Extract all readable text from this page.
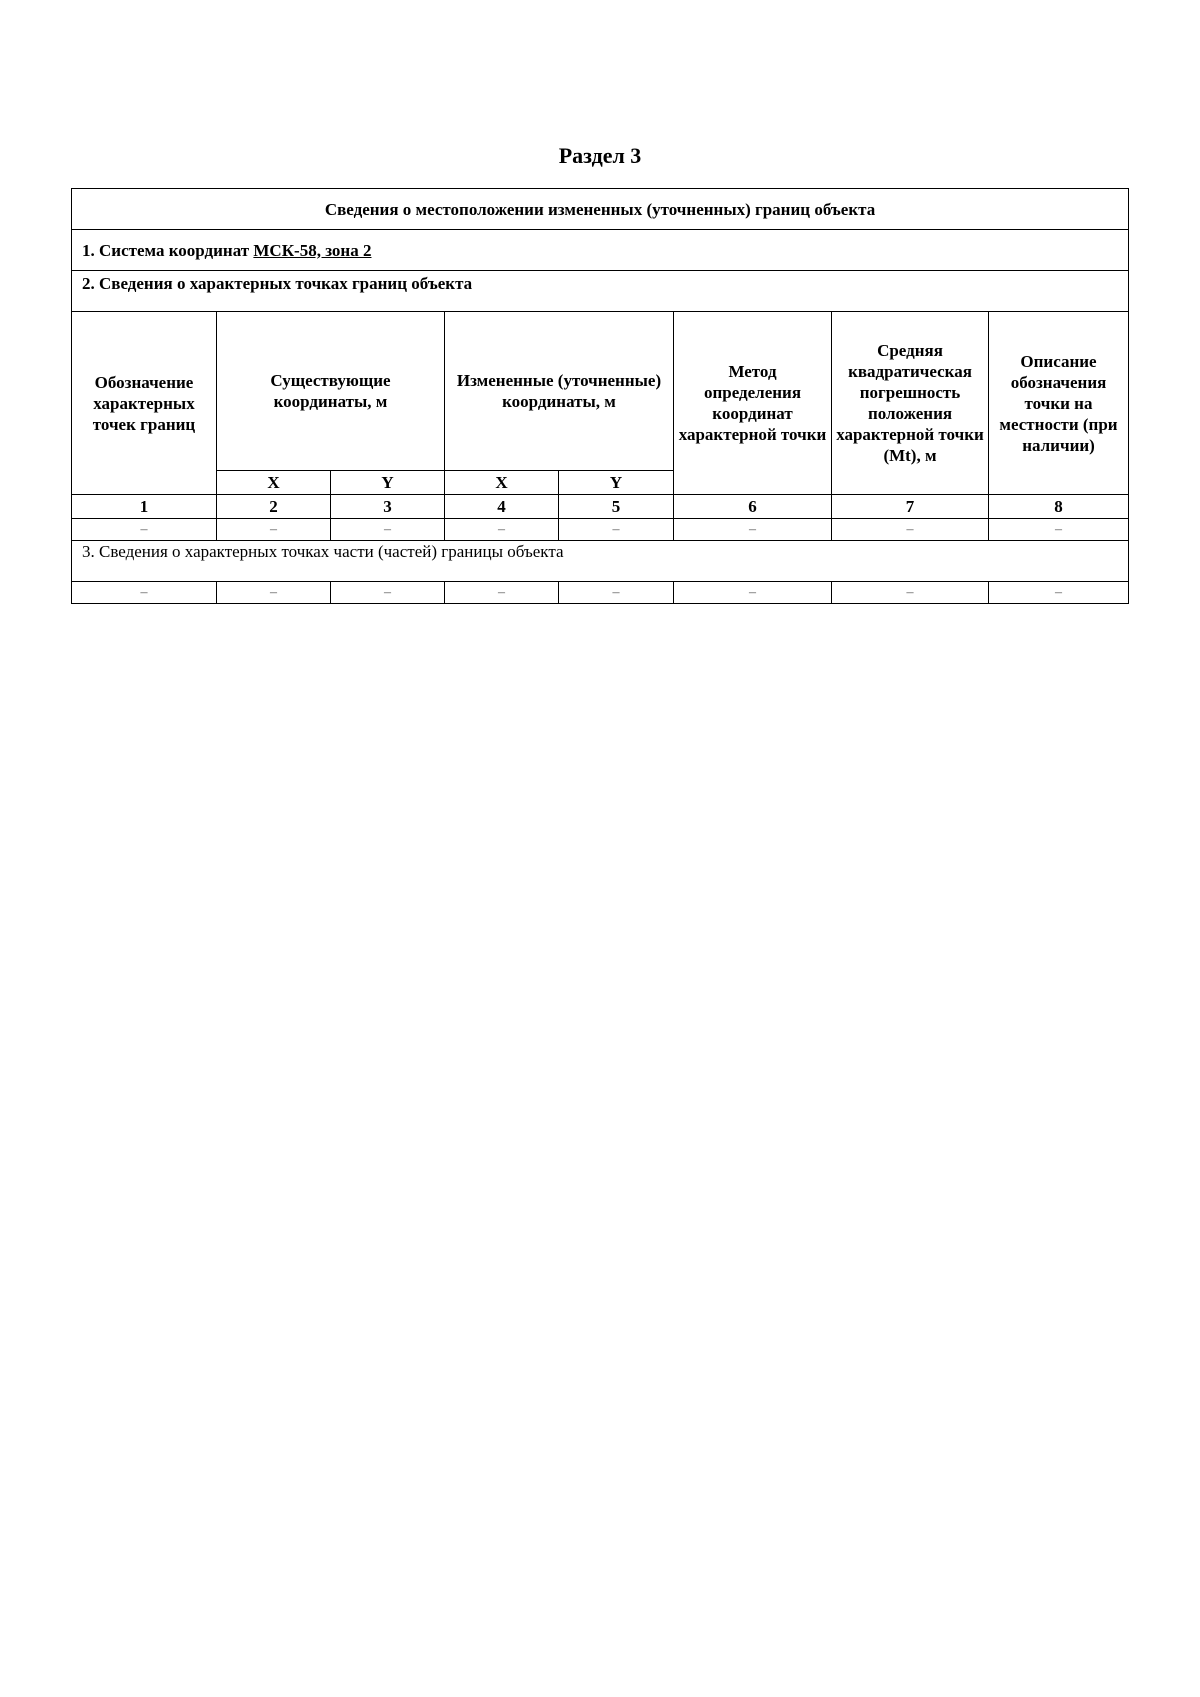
Раздел 3
Сведения о местоположении измененных (уточненных) границ объекта							
1. Система координат МСК-58, зона 2							
2. Сведения о характерных точках границ объекта							
Обозначение характерных точек границ	Существующие координаты, м		Измененные (уточненные) координаты, м		Метод определения координат характерной точки	Средняя квадратическая погрешность положения характерной точки (Mt), м	Описание обозначения точки на местности (при наличии)
	X	Y	X	Y			
1	2	3	4	5	6	7	8
–	–	–	–	–	–	–	–
3. Сведения о характерных точках части (частей) границы объекта							
–	–	–	–	–	–	–	–
